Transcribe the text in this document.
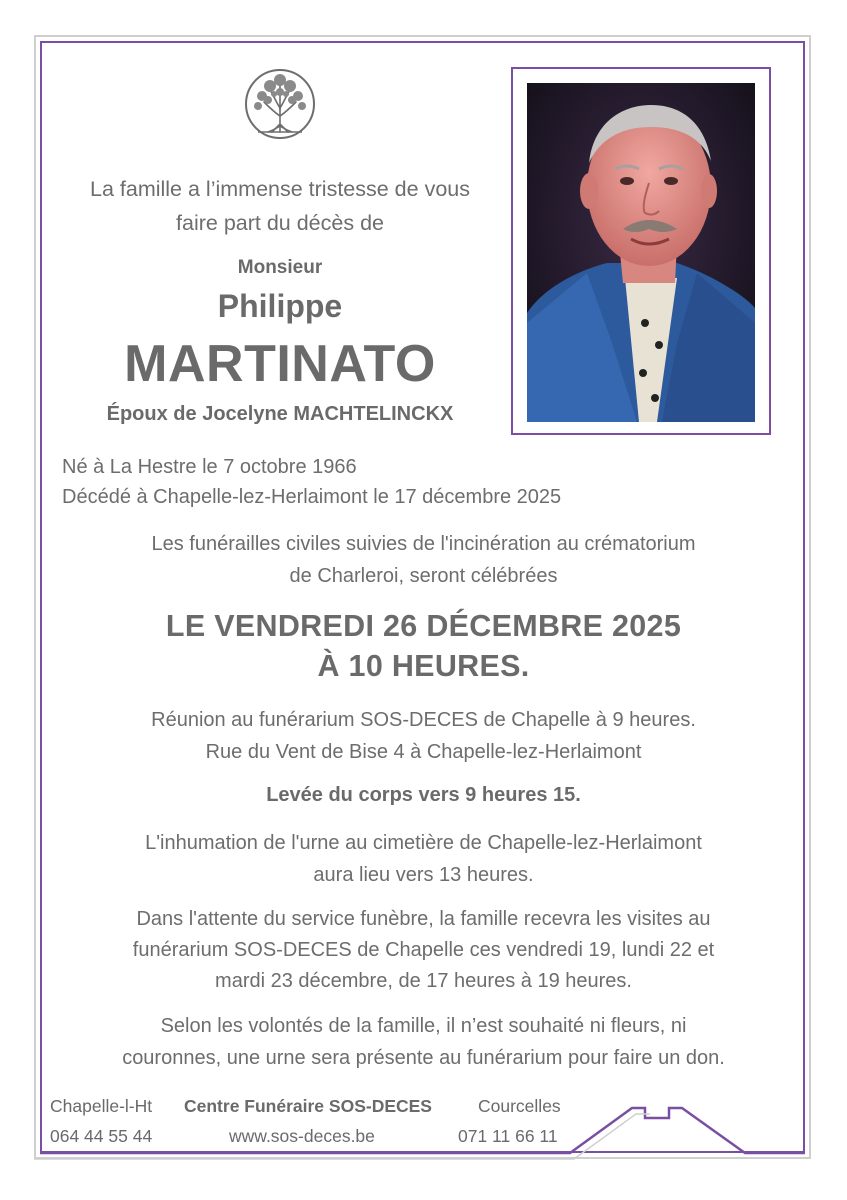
La famille a l’immense tristesse de vous
faire part du décès de
Monsieur
Philippe
MARTINATO
Époux de Jocelyne MACHTELINCKX
Né à La Hestre le 7 octobre 1966
Décédé à Chapelle-lez-Herlaimont le 17 décembre 2025
Les funérailles civiles suivies de l'incinération au crématorium
de Charleroi, seront célébrées
LE VENDREDI 26 DÉCEMBRE 2025
À 10 HEURES.
Réunion au funérarium SOS-DECES de Chapelle à 9 heures.
Rue du Vent de Bise 4 à Chapelle-lez-Herlaimont
Levée du corps vers 9 heures 15.
L'inhumation de l'urne au cimetière de Chapelle-lez-Herlaimont
aura lieu vers 13 heures.
Dans l'attente du service funèbre, la famille recevra les visites au
funérarium SOS-DECES de Chapelle ces vendredi 19, lundi 22 et
mardi 23 décembre, de 17 heures à 19 heures.
Selon les volontés de la famille, il n’est souhaité ni fleurs, ni
couronnes, une urne sera présente au funérarium pour faire un don.
Chapelle-l-Ht
064 44 55 44
Centre Funéraire SOS-DECES
www.sos-deces.be
Courcelles
071 11 66 11
